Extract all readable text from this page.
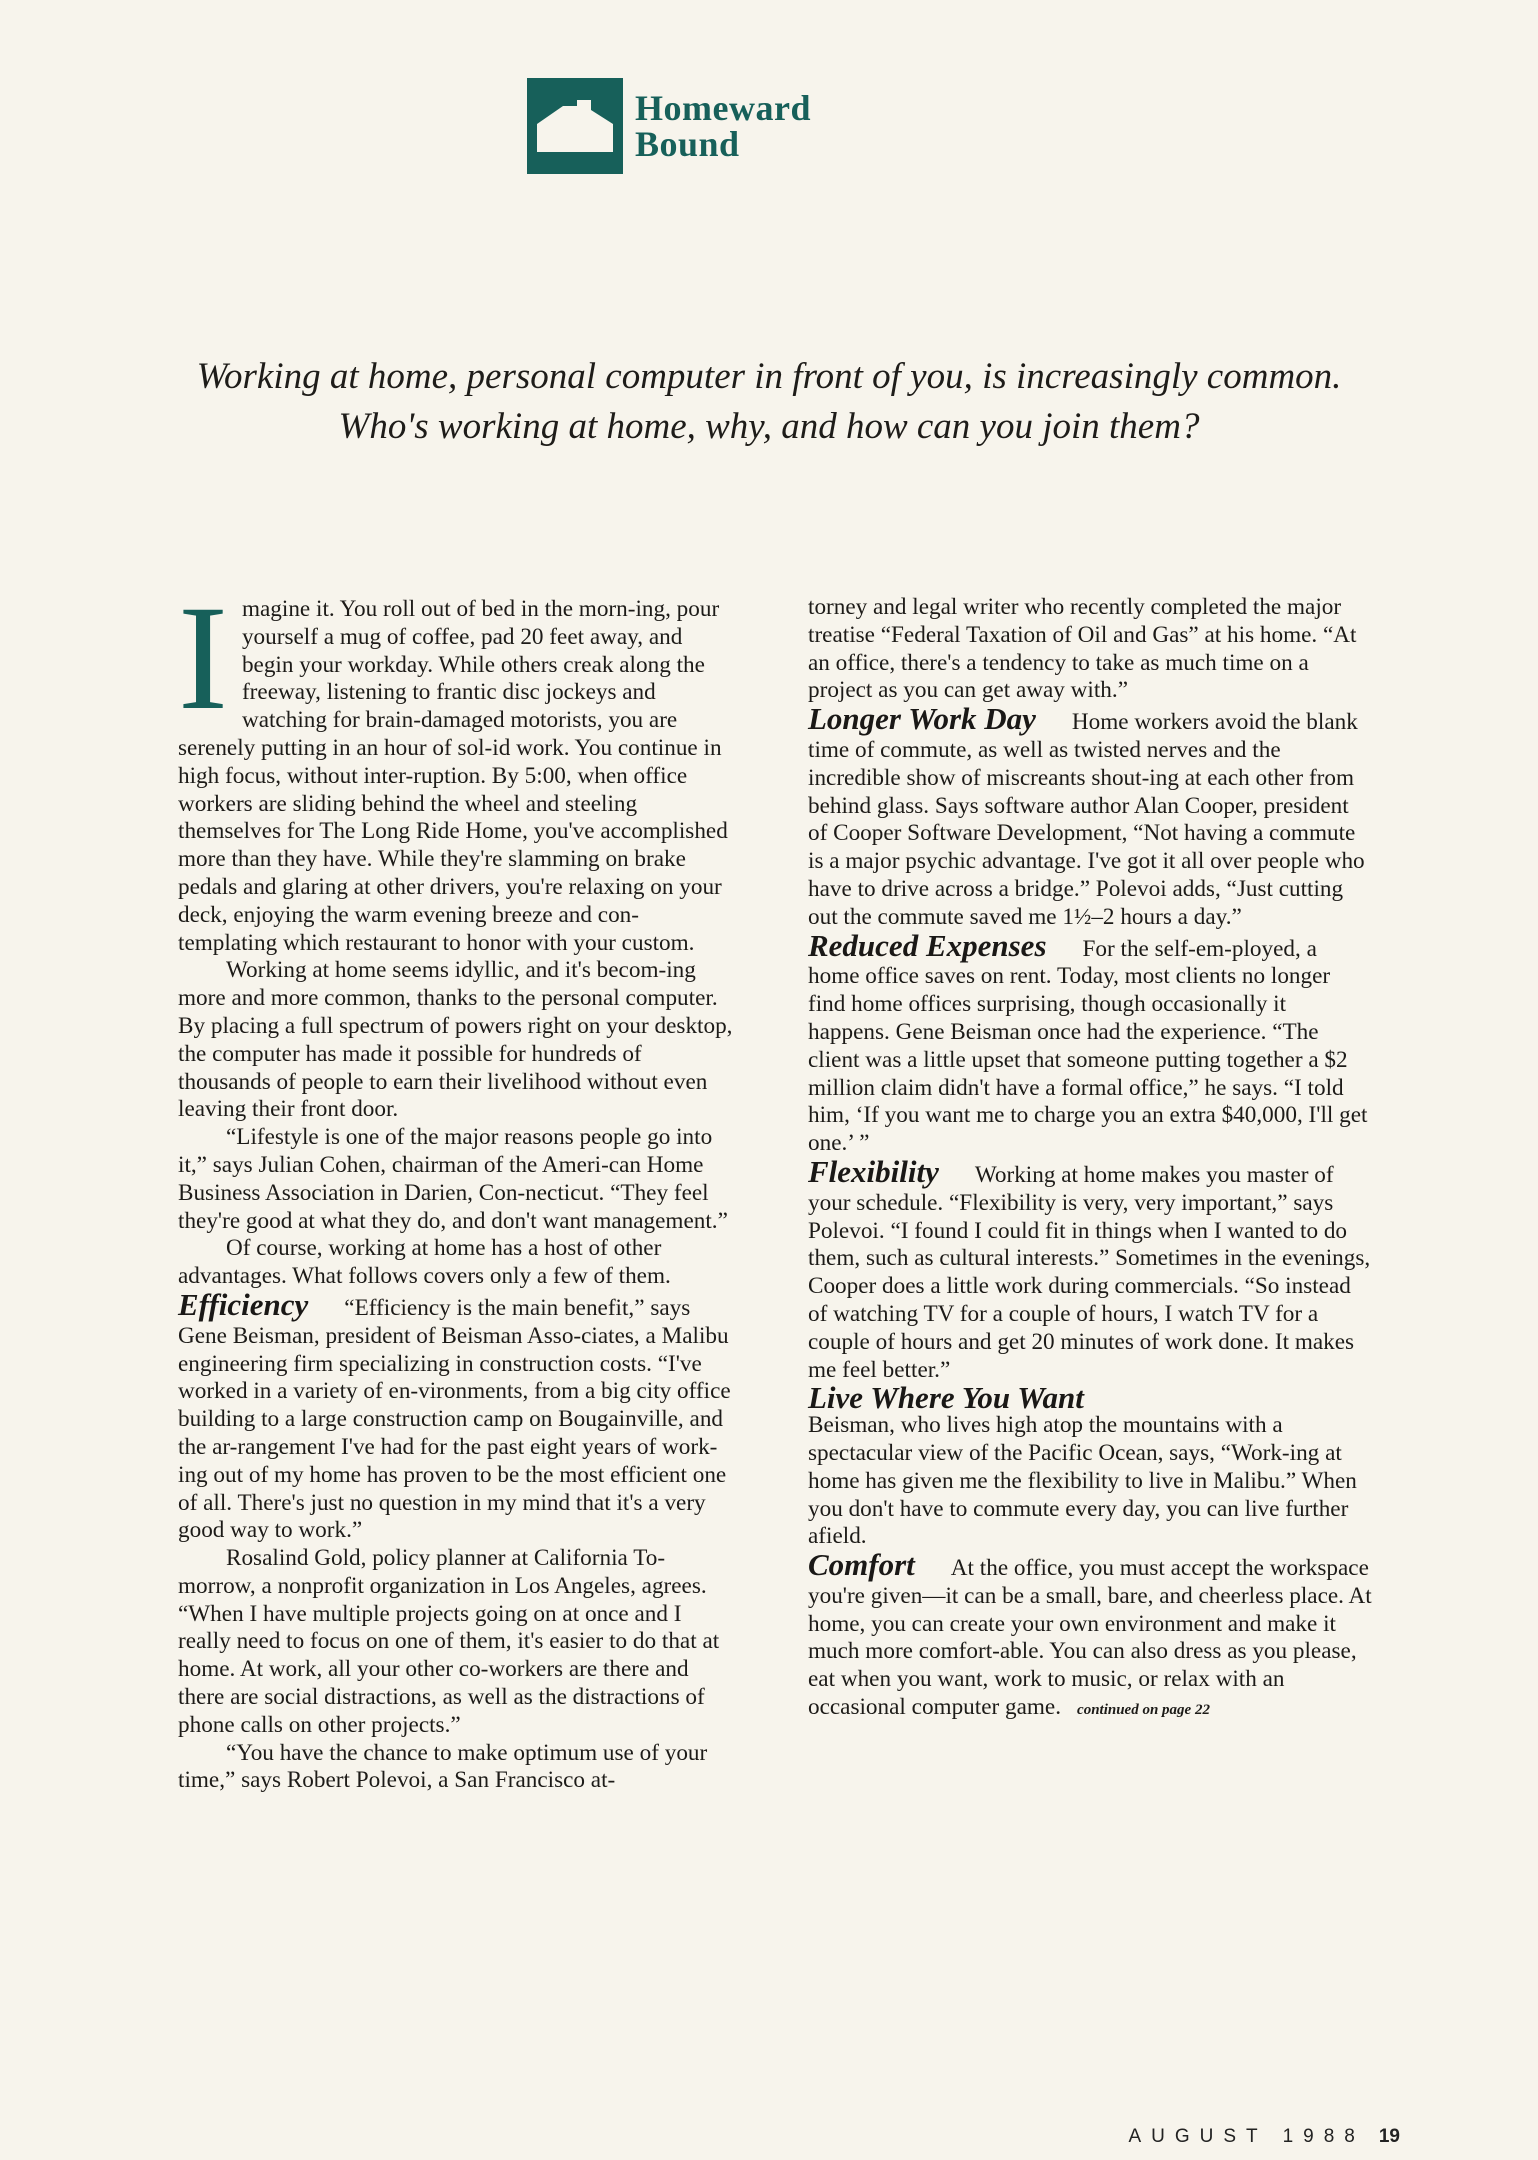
Homeward
Bound
Working at home, personal computer in front of you, is increasingly common.
Who's working at home, why, and how can you join them?

Imagine it. You roll out of bed in the morn-ing, pour yourself a mug of coffee, pad 20 feet away, and begin your workday. While others creak along the freeway, listening to frantic disc jockeys and watching for brain-damaged motorists, you are serenely putting in an hour of sol-id work. You continue in high focus, without inter-ruption. By 5:00, when office workers are sliding behind the wheel and steeling themselves for The Long Ride Home, you've accomplished more than they have. While they're slamming on brake pedals and glaring at other drivers, you're relaxing on your deck, enjoying the warm evening breeze and con-templating which restaurant to honor with your custom.

Working at home seems idyllic, and it's becom-ing more and more common, thanks to the personal computer. By placing a full spectrum of powers right on your desktop, the computer has made it possible for hundreds of thousands of people to earn their livelihood without even leaving their front door.

“Lifestyle is one of the major reasons people go into it,” says Julian Cohen, chairman of the Ameri-can Home Business Association in Darien, Con-necticut. “They feel they're good at what they do, and don't want management.”

Of course, working at home has a host of other advantages. What follows covers only a few of them.

Efficiency “Efficiency is the main benefit,” says Gene Beisman, president of Beisman Asso-ciates, a Malibu engineering firm specializing in construction costs. “I've worked in a variety of en-vironments, from a big city office building to a large construction camp on Bougainville, and the ar-rangement I've had for the past eight years of work-ing out of my home has proven to be the most efficient one of all. There's just no question in my mind that it's a very good way to work.”

Rosalind Gold, policy planner at California To-morrow, a nonprofit organization in Los Angeles, agrees. “When I have multiple projects going on at once and I really need to focus on one of them, it's easier to do that at home. At work, all your other co-workers are there and there are social distractions, as well as the distractions of phone calls on other projects.”

“You have the chance to make optimum use of your time,” says Robert Polevoi, a San Francisco at-

torney and legal writer who recently completed the major treatise “Federal Taxation of Oil and Gas” at his home. “At an office, there's a tendency to take as much time on a project as you can get away with.”

Longer Work Day Home workers avoid the blank time of commute, as well as twisted nerves and the incredible show of miscreants shout-ing at each other from behind glass. Says software author Alan Cooper, president of Cooper Software Development, “Not having a commute is a major psychic advantage. I've got it all over people who have to drive across a bridge.” Polevoi adds, “Just cutting out the commute saved me 1½–2 hours a day.”

Reduced Expenses For the self-em-ployed, a home office saves on rent. Today, most clients no longer find home offices surprising, though occasionally it happens. Gene Beisman once had the experience. “The client was a little upset that someone putting together a $2 million claim didn't have a formal office,” he says. “I told him, ‘If you want me to charge you an extra $40,000, I'll get one.’ ”

Flexibility Working at home makes you master of your schedule. “Flexibility is very, very important,” says Polevoi. “I found I could fit in things when I wanted to do them, such as cultural interests.” Sometimes in the evenings, Cooper does a little work during commercials. “So instead of watching TV for a couple of hours, I watch TV for a couple of hours and get 20 minutes of work done. It makes me feel better.”

Live Where You Want
Beisman, who lives high atop the mountains with a spectacular view of the Pacific Ocean, says, “Work-ing at home has given me the flexibility to live in Malibu.” When you don't have to commute every day, you can live further afield.

Comfort At the office, you must accept the workspace you're given—it can be a small, bare, and cheerless place. At home, you can create your own environment and make it much more comfort-able. You can also dress as you please, eat when you want, work to music, or relax with an occasional computer game. continued on page 22

AUGUST 1988 19
